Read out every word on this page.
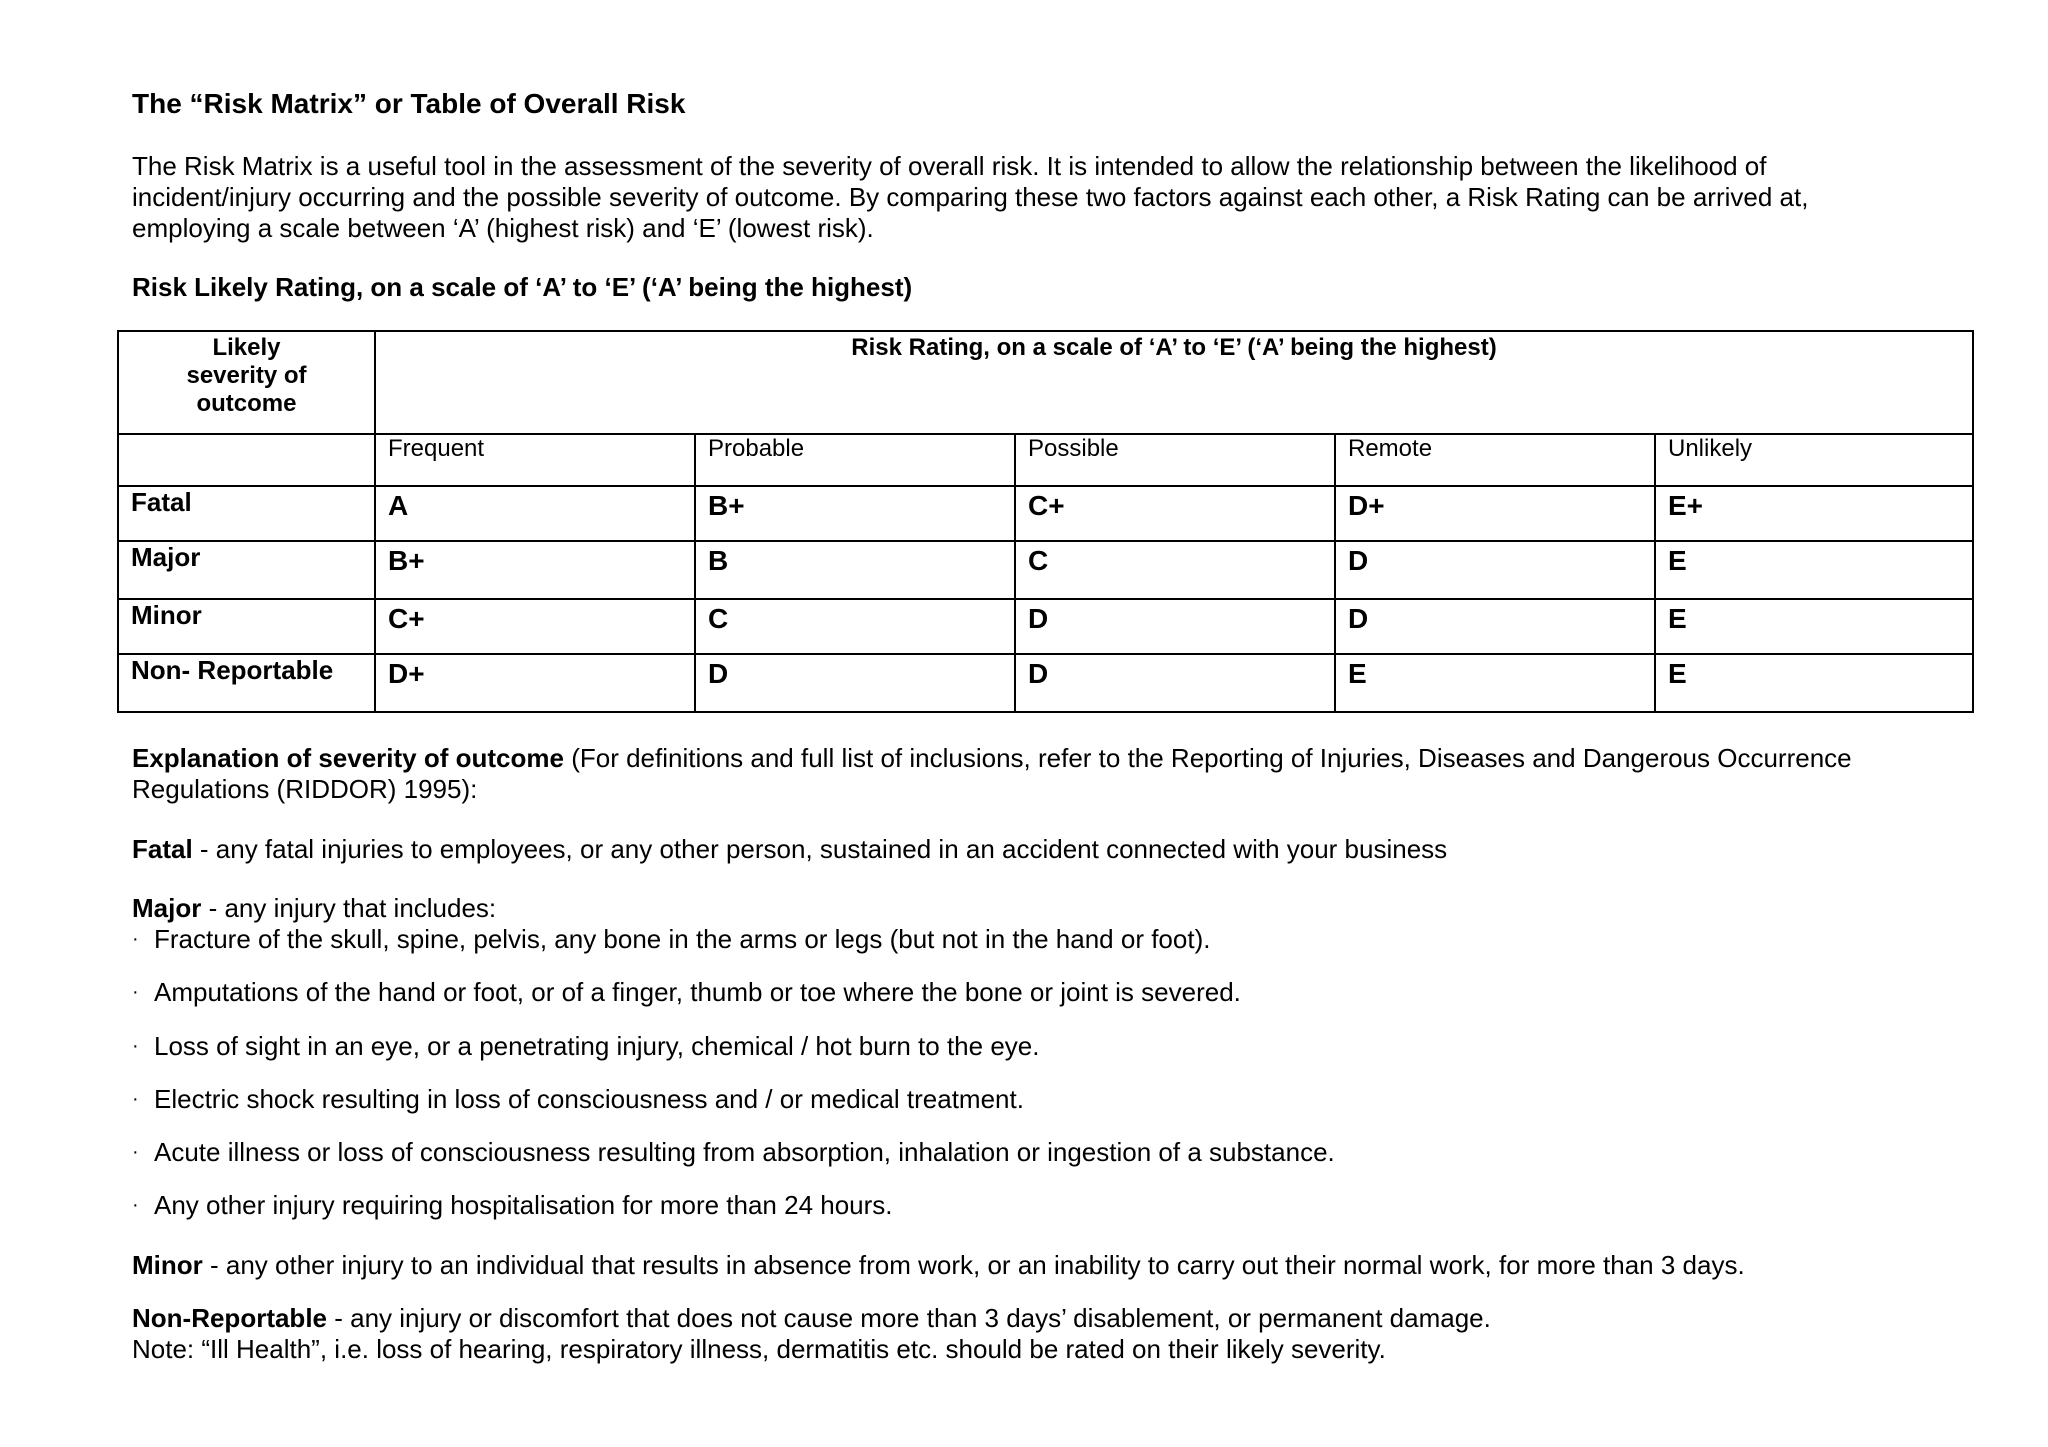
The “Risk Matrix” or Table of Overall Risk

The Risk Matrix is a useful tool in the assessment of the severity of overall risk. It is intended to allow the relationship between the likelihood of

incident/injury occurring and the possible severity of outcome. By comparing these two factors against each other, a Risk Rating can be arrived at,

employing a scale between ‘A’ (highest risk) and ‘E’ (lowest risk).

Risk Likely Rating, on a scale of ‘A’ to ‘E’ (‘A’ being the highest)
Likely
severity of
outcome	Risk Rating, on a scale of ‘A’ to ‘E’ (‘A’ being the highest)				
	Frequent	Probable	Possible	Remote	Unlikely
Fatal	A	B+	C+	D+	E+
Major	B+	B	C	D	E
Minor	C+	C	D	D	E
Non- Reportable	D+	D	D	E	E

Explanation of severity of outcome (For definitions and full list of inclusions, refer to the Reporting of Injuries, Diseases and Dangerous Occurrence

Regulations (RIDDOR) 1995):

Fatal - any fatal injuries to employees, or any other person, sustained in an accident connected with your business
Major - any injury that includes:
· Fracture of the skull, spine, pelvis, any bone in the arms or legs (but not in the hand or foot).
· Amputations of the hand or foot, or of a finger, thumb or toe where the bone or joint is severed.
· Loss of sight in an eye, or a penetrating injury, chemical / hot burn to the eye.
· Electric shock resulting in loss of consciousness and / or medical treatment.
· Acute illness or loss of consciousness resulting from absorption, inhalation or ingestion of a substance.
· Any other injury requiring hospitalisation for more than 24 hours.
Minor - any other injury to an individual that results in absence from work, or an inability to carry out their normal work, for more than 3 days.
Non-Reportable - any injury or discomfort that does not cause more than 3 days’ disablement, or permanent damage.
Note: “Ill Health”, i.e. loss of hearing, respiratory illness, dermatitis etc. should be rated on their likely severity.
